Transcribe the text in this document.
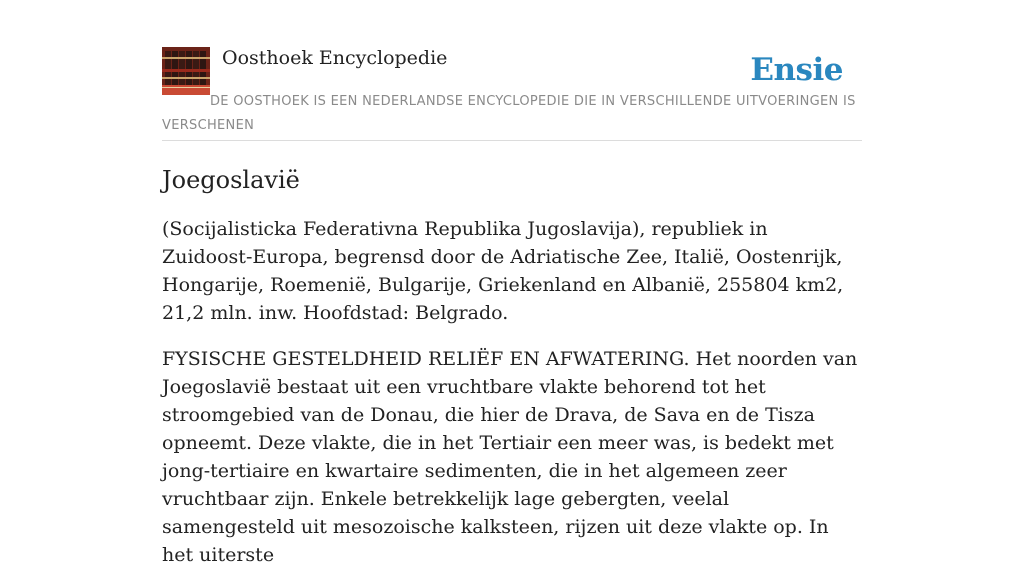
Oosthoek Encyclopedie	Ensie
DE OOSTHOEK IS EEN NEDERLANDSE ENCYCLOPEDIE DIE IN VERSCHILLENDE UITVOERINGEN IS VERSCHENEN
Joegoslavië

(Socijalisticka Federativna Republika Jugoslavija), republiek in Zuidoost-Europa, begrensd door de Adriatische Zee, Italië, Oostenrijk, Hongarije, Roemenië, Bulgarije, Griekenland en Albanië, 255804 km2, 21,2 mln. inw. Hoofdstad: Belgrado.

FYSISCHE GESTELDHEID RELIËF EN AFWATERING. Het noorden van Joegoslavië bestaat uit een vruchtbare vlakte behorend tot het stroomgebied van de Donau, die hier de Drava, de Sava en de Tisza opneemt. Deze vlakte, die in het Tertiair een meer was, is bedekt met jong-tertiaire en kwartaire sedimenten, die in het algemeen zeer vruchtbaar zijn. Enkele betrekkelijk lage gebergten, veelal samengesteld uit mesozoische kalksteen, rijzen uit deze vlakte op. In het uiterste
